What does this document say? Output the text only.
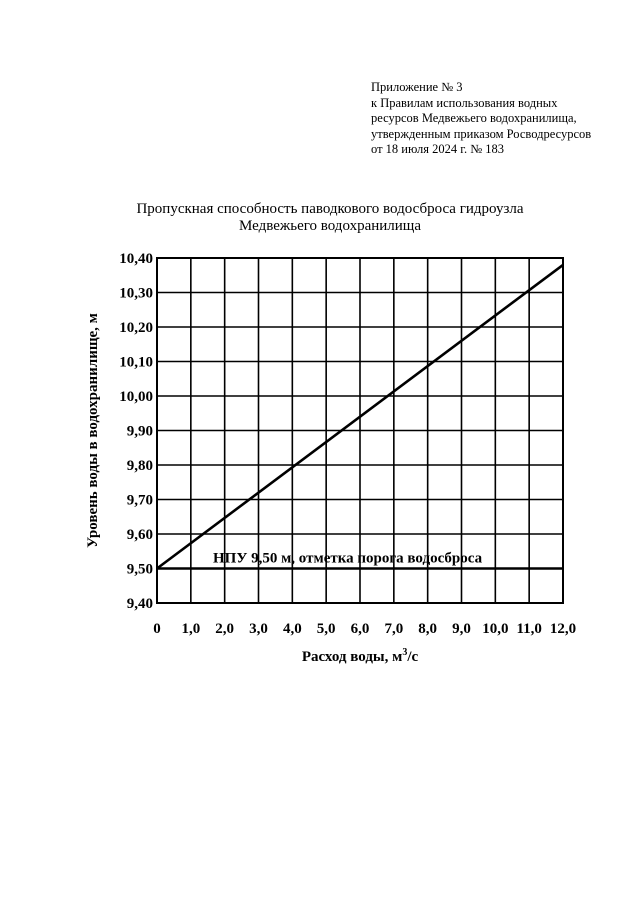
Приложение № 3
к Правилам использования водных
ресурсов Медвежьего водохранилища,
утвержденным приказом Росводресурсов
от 18 июля 2024 г. № 183
Пропускная способность паводкового водосброса гидроузла
Медвежьего водохранилища
9,40
9,50
9,60
9,70
9,80
9,90
10,00
10,10
10,20
10,30
10,40
0 1,0 2,0 3,0 4,0 5,0 6,0 7,0 8,0 9,0 10,0 11,0 12,0
НПУ 9,50 м, отметка порога водосброса
Расход воды, $м^3/с$
Уровень воды в водохранилище, м
